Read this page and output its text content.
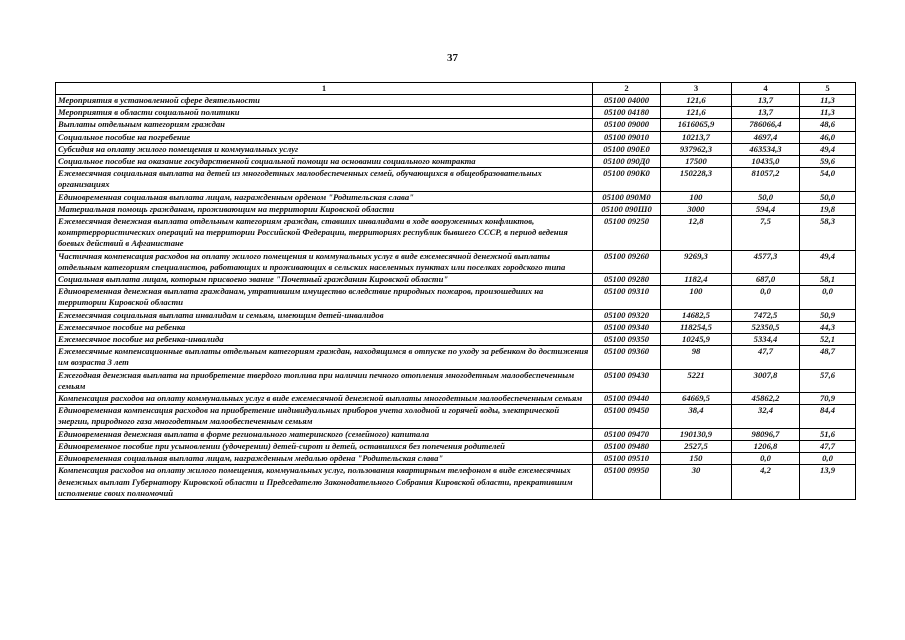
37
1	2	3	4	5
Мероприятия в установленной сфере деятельности	05100 04000	121,6	13,7	11,3
Мероприятия в области социальной политики	05100 04180	121,6	13,7	11,3
Выплаты отдельным категориям граждан	05100 09000	1616065,9	786066,4	48,6
Социальное пособие на погребение	05100 09010	10213,7	4697,4	46,0
Субсидия на оплату жилого помещения и коммунальных услуг	05100 090Е0	937962,3	463534,3	49,4
Социальное пособие на оказание государственной социальной помощи на основании социального контракта	05100 090Д0	17500	10435,0	59,6
Ежемесячная социальная выплата на детей из многодетных малообеспеченных семей, обучающихся в общеобразовательных организациях	05100 090К0	150228,3	81057,2	54,0
Единовременная социальная выплата лицам, награжденным орденом "Родительская слава"	05100 090М0	100	50,0	50,0
Материальная помощь гражданам, проживающим на территории Кировской области	05100 090Ш0	3000	594,4	19,8
Ежемесячная денежная выплата отдельным категориям граждан, ставших инвалидами в ходе вооруженных конфликтов, контртеррористических операций на территории Российской Федерации, территориях республик бывшего СССР, в период ведения боевых действий в Афганистане	05100 09250	12,8	7,5	58,3
Частичная компенсация расходов на оплату жилого помещения и коммунальных услуг в виде ежемесячной денежной выплаты отдельным категориям специалистов, работающих и проживающих в сельских населенных пунктах или поселках городского типа	05100 09260	9269,3	4577,3	49,4
Социальная выплата лицам, которым присвоено звание "Почетный гражданин Кировской области"	05100 09280	1182,4	687,0	58,1
Единовременная денежная выплата гражданам, утратившим имущество вследствие природных пожаров, произошедших на территории Кировской области	05100 09310	100	0,0	0,0
Ежемесячная социальная выплата инвалидам и семьям, имеющим детей-инвалидов	05100 09320	14682,5	7472,5	50,9
Ежемесячное пособие на ребенка	05100 09340	118254,5	52350,5	44,3
Ежемесячное пособие на ребенка-инвалида	05100 09350	10245,9	5334,4	52,1
Ежемесячные компенсационные выплаты отдельным категориям граждан, находящимся в отпуске по уходу за ребенком до достижения им возраста 3 лет	05100 09360	98	47,7	48,7
Ежегодная денежная выплата на приобретение твердого топлива при наличии печного отопления многодетным малообеспеченным семьям	05100 09430	5221	3007,8	57,6
Компенсация расходов на оплату коммунальных услуг в виде ежемесячной денежной выплаты многодетным малообеспеченным семьям	05100 09440	64669,5	45862,2	70,9
Единовременная компенсация расходов на приобретение индивидуальных приборов учета холодной и горячей воды, электрической энергии, природного газа многодетным малообеспеченным семьям	05100 09450	38,4	32,4	84,4
Единовременная денежная выплата в форме регионального материнского (семейного) капитала	05100 09470	190130,9	98096,7	51,6
Единовременное пособие при усыновлении (удочерении) детей-сирот и детей, оставшихся без попечения родителей	05100 09480	2527,5	1206,8	47,7
Единовременная социальная выплата лицам, награжденным медалью ордена "Родительская слава"	05100 09510	150	0,0	0,0
Компенсация расходов на оплату жилого помещения, коммунальных услуг, пользования квартирным телефоном в виде ежемесячных денежных выплат Губернатору Кировской области и Председателю Законодательного Собрания Кировской области, прекратившим исполнение своих полномочий	05100 09950	30	4,2	13,9
